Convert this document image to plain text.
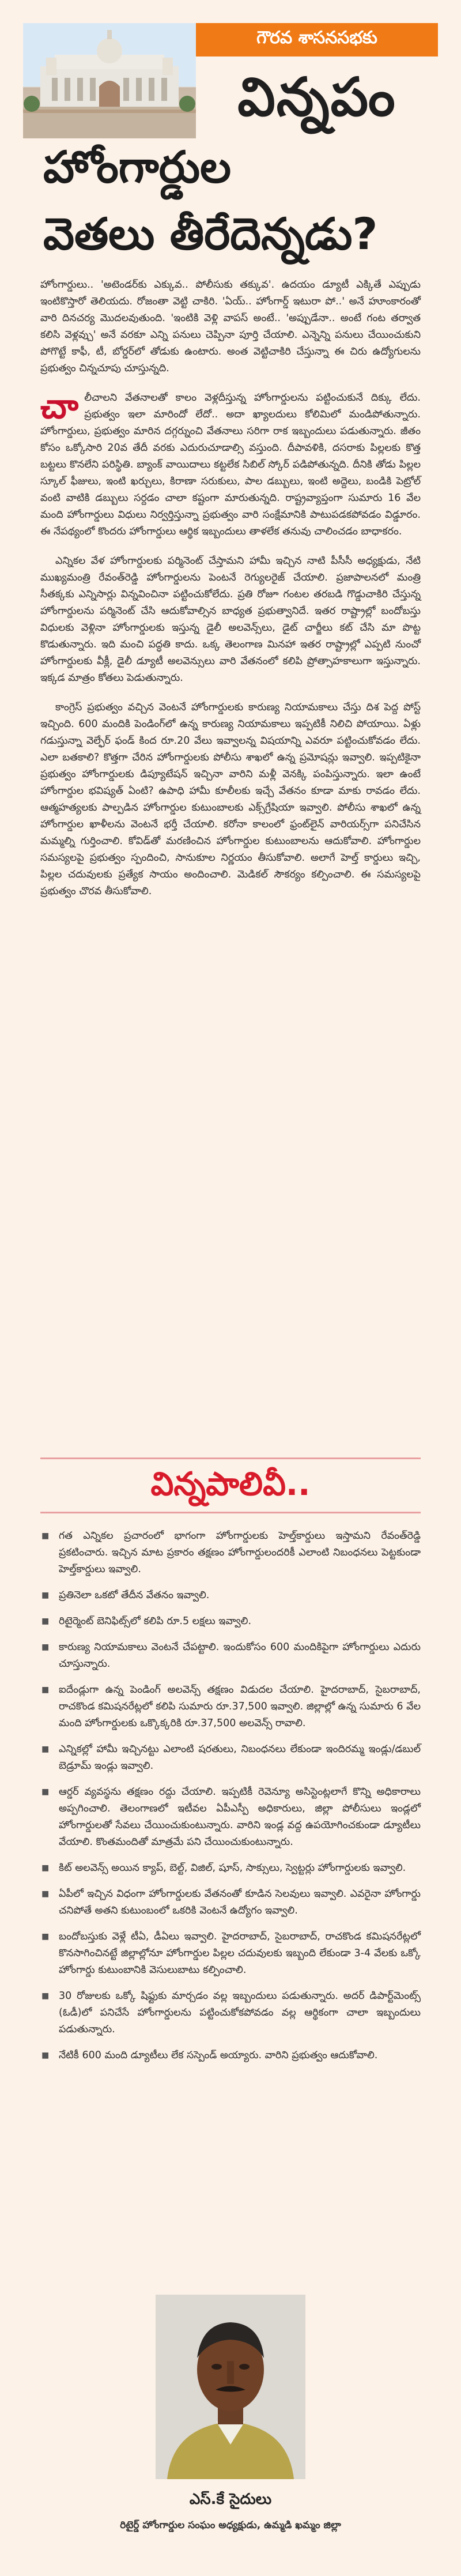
గౌరవ శాసనసభకు
విన్నపం
హోంగార్డుల
వెతలు తీరేదెన్నడు?

హోంగార్డులు.. 'అటెండర్‌కు ఎక్కువ.. పోలీసుకు తక్కువ'. ఉదయం డ్యూటీ ఎక్కితే ఎప్పుడు ఇంటికొస్తారో తెలియదు. రోజంతా వెట్టి చాకిరి. 'ఏయ్.. హోంగార్డ్ ఇటురా పో..' అనే హూంకారంతో వారి దినచర్య మొదలవుతుంది. 'ఇంటికి వెళ్లి వాపస్ అంటే.. 'అప్పుడేనా.. అంటే గంట తర్వాత కలిసి వెళ్లవ్చు' అనే వరకూ ఎన్ని పనులు చెప్పినా పూర్తి చేయాలి. ఎన్నెన్ని పనులు చేయించుకుని పోగొట్టే కాఫీ, టీ, బోర్డర్‌లో తోడుకు ఉంటారు. అంత వెట్టిచాకిరి చేస్తున్నా ఈ చిరు ఉద్యోగులను ప్రభుత్వం చిన్నచూపు చూస్తున్నది.

చాలీచాలని వేతనాలతో కాలం వెళ్లదీస్తున్న హోంగార్డులను పట్టించుకునే దిక్కు లేదు. ప్రభుత్వం ఇలా మారిందో లేదో.. అదా ఖ్యాలదులు కోలిమిలో మండిపోతున్నారు. హోంగార్డులు, ప్రభుత్వం మారిన దగ్గర్నుంచి వేతనాలు సరిగా రాక ఇబ్బందులు పడుతున్నారు. జీతం కోసం ఒక్కోసారి 20వ తేదీ వరకు ఎదురుచూడాల్సి వస్తుంది. దీపావళికి, దసరాకు పిల్లలకు కొత్త బట్టలు కొనలేని పరిస్థితి. బ్యాంక్ వాయిదాలు కట్టలేక సిబిల్ స్కోర్ పడిపోతున్నది. దీనికి తోడు పిల్లల స్కూల్ ఫీజులు, ఇంటి ఖర్చులు, కిరాణా సరుకులు, పాల డబ్బులు, ఇంటి అద్దెలు, బండికి పెట్రోల్ వంటి వాటికి డబ్బులు సర్దడం చాలా కష్టంగా మారుతున్నది. రాష్ట్రవ్యాప్తంగా సుమారు 16 వేల మంది హోంగార్డులు విధులు నిర్వర్తిస్తున్నా ప్రభుత్వం వారి సంక్షేమానికి పాటుపడకపోవడం విడ్డూరం. ఈ నేపథ్యంలో కొందరు హోంగార్డులు ఆర్థిక ఇబ్బందులు తాళలేక తనువు చాలించడం బాధాకరం.

ఎన్నికల వేళ హోంగార్డులకు పర్మినెంట్ చేస్తామని హామీ ఇచ్చిన నాటి పీసీసీ అధ్యక్షుడు, నేటి ముఖ్యమంత్రి రేవంత్‌రెడ్డి హోంగార్డులను పెంటనే రెగ్యులరైజ్ చేయాలి. ప్రజాపాలనలో మంత్రి సీతక్కకు ఎన్నిసార్లు విన్నవించినా పట్టించుకోలేదు. ప్రతి రోజూ గంటల తరబడి గొడ్డుచాకిరి చేస్తున్న హోంగార్డులను పర్మినెంట్ చేసి ఆదుకోవాల్సిన బాధ్యత ప్రభుత్వానిదే. ఇతర రాష్ట్రాల్లో బందోబస్తు విధులకు వెళ్లినా హోంగార్డులకు ఇస్తున్న డైలీ అలవెన్స్‌లు, డైట్ చార్జీలు కట్ చేసి మా పొట్ట కొడుతున్నారు. ఇది మంచి పద్ధతి కాదు. ఒక్క తెలంగాణ మినహా ఇతర రాష్ట్రాల్లో ఎప్పటి నుంచో హోంగార్డులకు వీక్లీ, డైలీ డ్యూటీ అలవెన్సులు వారి వేతనంలో కలిపి ప్రోత్సాహకాలుగా ఇస్తున్నారు. ఇక్కడ మాత్రం కోతలు పెడుతున్నారు.

కాంగ్రెస్ ప్రభుత్వం వచ్చిన వెంటనే హోంగార్డులకు కారుణ్య నియామకాలు చేస్తు దిశ పెద్ద పోస్ట్ ఇచ్చింది. 600 మందికి పెండింగ్‌లో ఉన్న కారుణ్య నియామకాలు ఇప్పటికీ నిలిచి పోయాయి. ఏళ్లు గడుస్తున్నా వెల్ఫేర్ ఫండ్ కింద రూ.20 వేలు ఇవ్వాలన్న విషయాన్ని ఎవరూ పట్టించుకోవడం లేదు. ఎలా బతకాలి? కొత్తగా చేరిన హోంగార్డులకు పోలీసు శాఖలో ఉన్న ప్రమోషన్లు ఇవ్వాలి. ఇప్పటికైనా ప్రభుత్వం హోంగార్డులకు డిప్యూటేషన్ ఇచ్చినా వారిని మళ్లీ వెనక్కి పంపిస్తున్నారు. ఇలా ఉంటే హోంగార్డుల భవిష్యత్ ఏంటి? ఉపాధి హామీ కూలీలకు ఇచ్చే వేతనం కూడా మాకు రావడం లేదు. ఆత్మహత్యలకు పాల్పడిన హోంగార్డుల కుటుంబాలకు ఎక్స్‌గ్రేషియా ఇవ్వాలి. పోలీసు శాఖలో ఉన్న హోంగార్డుల ఖాళీలను వెంటనే భర్తీ చేయాలి. కరోనా కాలంలో ఫ్రంట్‌లైన్ వారియర్స్‌గా పనిచేసిన మమ్మల్ని గుర్తించాలి. కోవిడ్‌తో మరణించిన హోంగార్డుల కుటుంబాలను ఆదుకోవాలి. హోంగార్డుల సమస్యలపై ప్రభుత్వం స్పందించి, సానుకూల నిర్ణయం తీసుకోవాలి. అలాగే హెల్త్ కార్డులు ఇచ్చి, పిల్లల చదువులకు ప్రత్యేక సాయం అందించాలి. మెడికల్ సౌకర్యం కల్పించాలి. ఈ సమస్యలపై ప్రభుత్వం చొరవ తీసుకోవాలి.

విన్నపాలివీ..
■ గత ఎన్నికల ప్రచారంలో భాగంగా హోంగార్డులకు హెల్త్‌కార్డులు ఇస్తామని రేవంత్‌రెడ్డి ప్రకటించారు. ఇచ్చిన మాట ప్రకారం తక్షణం హోంగార్డులందరికీ ఎలాంటి నిబంధనలు పెట్టకుండా హెల్త్‌కార్డులు ఇవ్వాలి.
■ ప్రతినెలా ఒకటో తేదీన వేతనం ఇవ్వాలి.
■ రిటైర్మెంట్ బెనిఫిట్స్‌లో కలిపి రూ.5 లక్షలు ఇవ్వాలి.
■ కారుణ్య నియామకాలు వెంటనే చేపట్టాలి. ఇందుకోసం 600 మందికిపైగా హోంగార్డులు ఎదురు చూస్తున్నారు.
■ ఐదేండ్లుగా ఉన్న పెండింగ్ అలవెన్స్‌ తక్షణం విడుదల చేయాలి. హైదరాబాద్, సైబరాబాద్, రాచకొండ కమిషనరేట్లలో కలిపి సుమారు రూ.37,500 ఇవ్వాలి. జిల్లాల్లో ఉన్న సుమారు 6 వేల మంది హోంగార్డులకు ఒక్కొక్కరికి రూ.37,500 అలవెన్స్ రావాలి.
■ ఎన్నికల్లో హామీ ఇచ్చినట్టు ఎలాంటి షరతులు, నిబంధనలు లేకుండా ఇందిరమ్మ ఇండ్లు/డబుల్ బెడ్రూమ్ ఇండ్లు ఇవ్వాలి.
■ ఆర్డర్ వ్యవస్థను తక్షణం రద్దు చేయాలి. ఇప్పటికీ రెవెన్యూ అసిస్టెంట్లలాగే కొన్ని అధికారాలు అప్పగించాలి. తెలంగాణలో ఇటీవల ఏపీఎస్పీ అధికారులు, జిల్లా పోలీసులు ఇండ్లలో హోంగార్డులతో సేవలు చేయించుకుంటున్నారు. వారిని ఇండ్ల వద్ద ఉపయోగించకుండా డ్యూటీలు వేయాలి. కొంతమందితో మాత్రమే పని చేయించుకుంటున్నారు.
■ కిట్ అలవెన్స్ అయిన క్యాప్, బెల్ట్, విజిల్, షూస్, సాక్సులు, స్వెట్టర్లు హోంగార్డులకు ఇవ్వాలి.
■ ఏపీలో ఇచ్చిన విధంగా హోంగార్డులకు వేతనంతో కూడిన సెలవులు ఇవ్వాలి. ఎవరైనా హోంగార్డు చనిపోతే అతని కుటుంబంలో ఒకరికి వెంటనే ఉద్యోగం ఇవ్వాలి.
■ బందోబస్తుకు వెళ్లే టీఏ, డీఏలు ఇవ్వాలి. హైదరాబాద్, సైబరాబాద్, రాచకొండ కమిషనరేట్లలో కొనసాగించినట్టే జిల్లాల్లోనూ హోంగార్డుల పిల్లల చదువులకు ఇబ్బంది లేకుండా 3-4 వేలకు ఒక్కో హోంగార్డు కుటుంబానికి వెసులుబాటు కల్పించాలి.
■ 30 రోజులకు ఒక్కో షిఫ్టుకు మార్చడం వల్ల ఇబ్బందులు పడుతున్నారు. అదర్ డిపార్ట్‌మెంట్స్ (ఓడీ)లో పనిచేసే హోంగార్డులను పట్టించుకోకపోవడం వల్ల ఆర్థికంగా చాలా ఇబ్బందులు పడుతున్నారు.
■ నేటికీ 600 మంది డ్యూటీలు లేక సస్పెండ్ అయ్యారు. వారిని ప్రభుత్వం ఆదుకోవాలి.
ఎస్.కే సైదులు
రిటైర్డ్ హోంగార్డుల సంఘం అధ్యక్షుడు, ఉమ్మడి ఖమ్మం జిల్లా
